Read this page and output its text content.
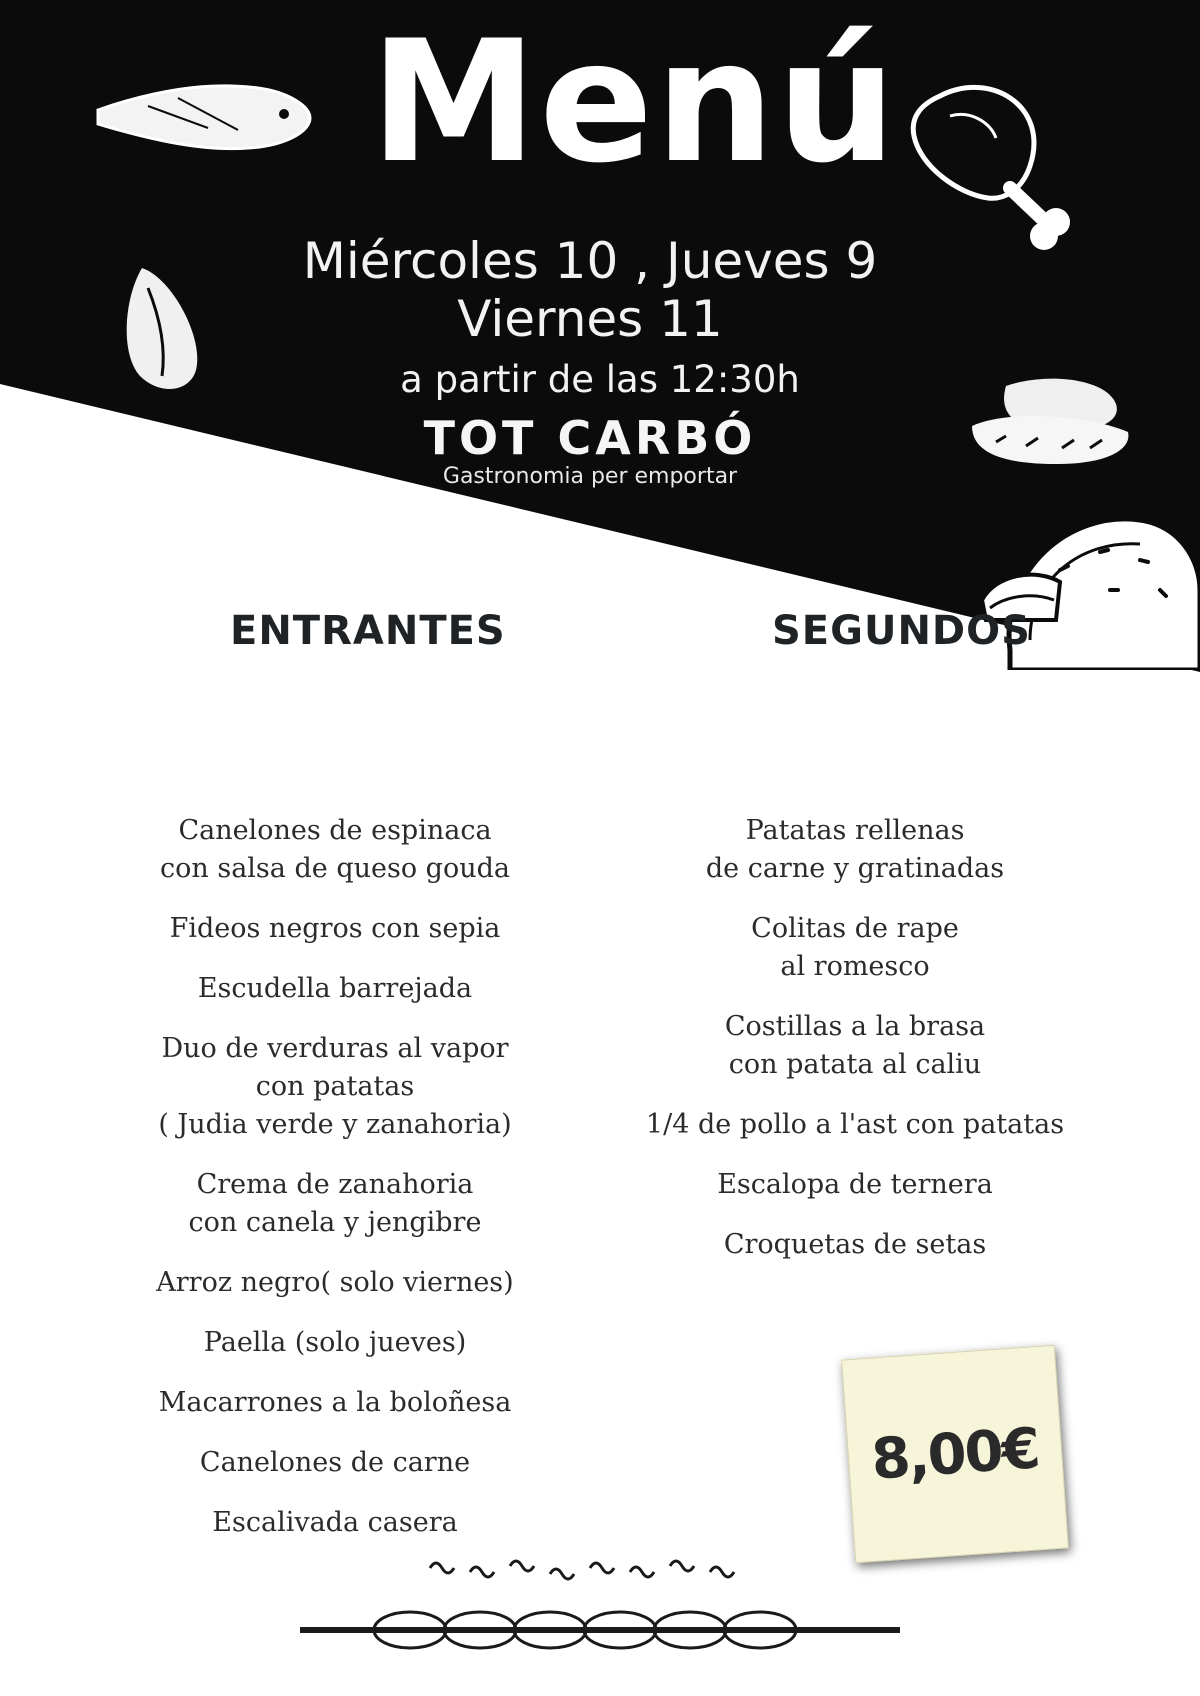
Menú
Miércoles 10 , Jueves 9
Viernes 11
a partir de las 12:30h
TOT CARBÓ
Gastronomia per emportar
ENTRANTES	SEGUNDOS
Canelones de espinaca
con salsa de queso gouda
Fideos negros con sepia
Escudella barrejada
Duo de verduras al vapor
con patatas
( Judia verde y zanahoria)
Crema de zanahoria
con canela y jengibre
Arroz negro( solo viernes)
Paella (solo jueves)
Macarrones a la boloñesa
Canelones de carne
Escalivada casera
Patatas rellenas
de carne y gratinadas
Colitas de rape
al romesco
Costillas a la brasa
con patata al caliu
1/4 de pollo a l'ast con patatas
Escalopa de ternera
Croquetas de setas
8,00€
